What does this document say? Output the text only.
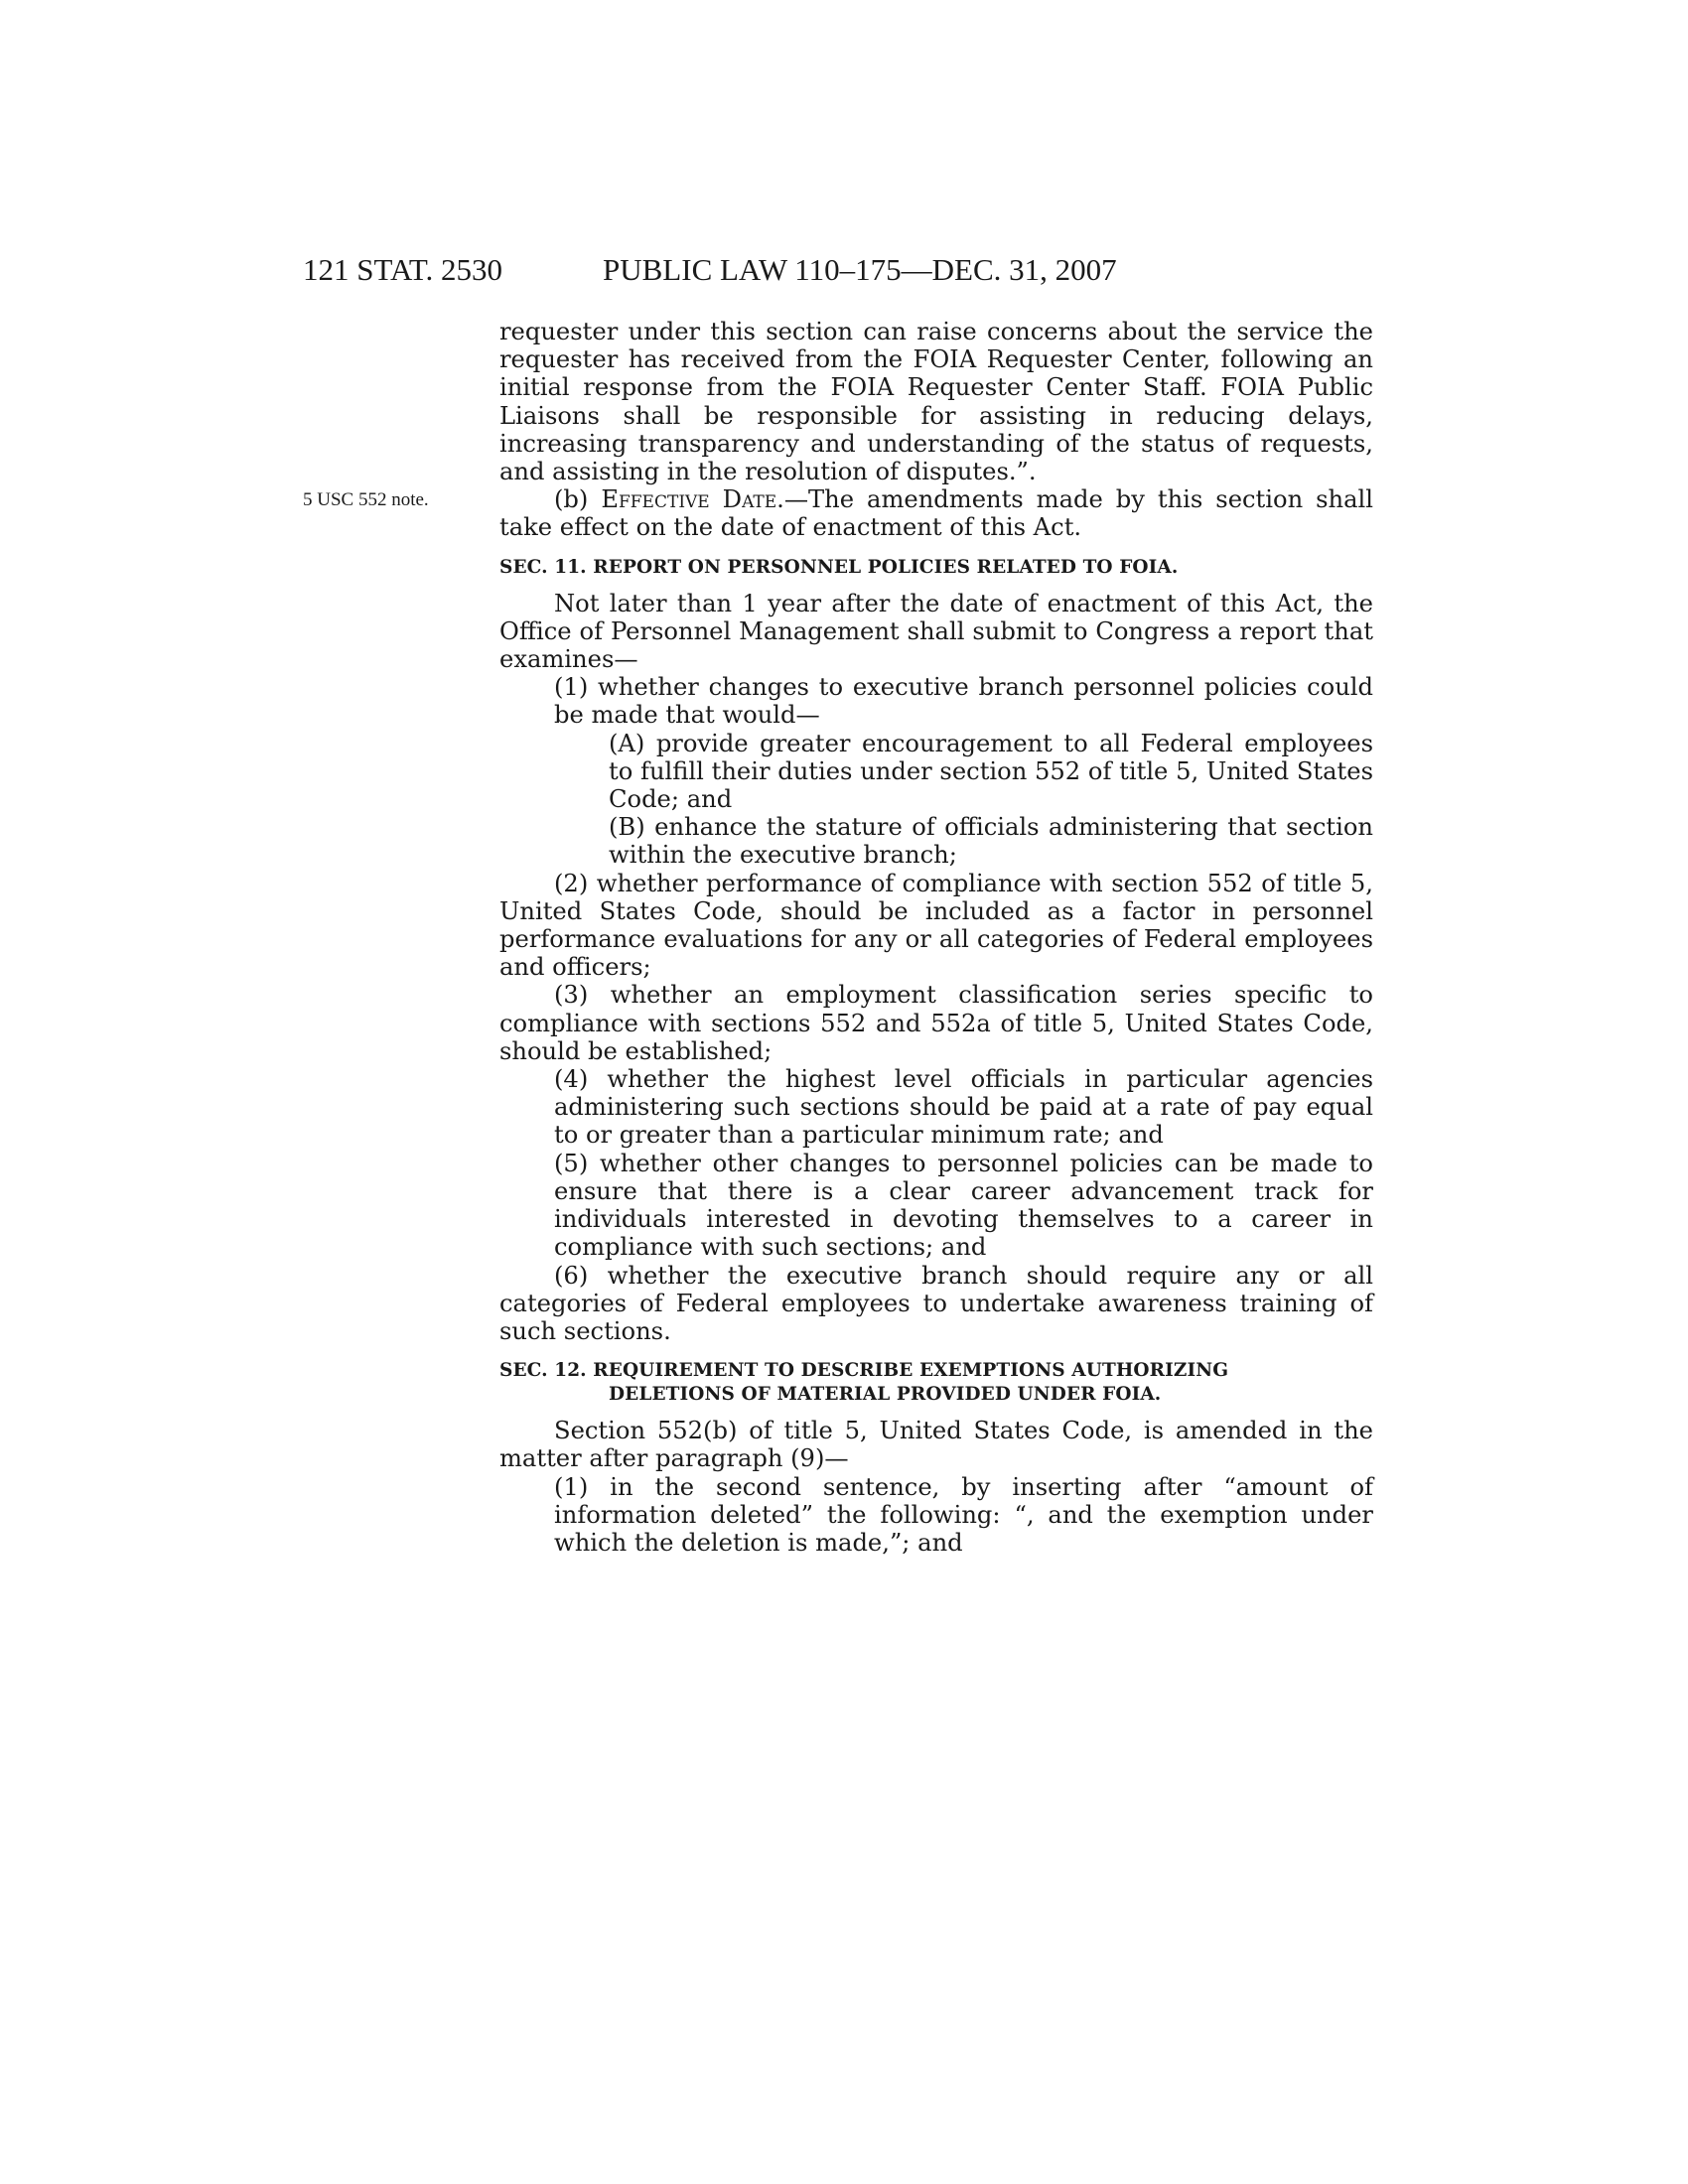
121 STAT. 2530	PUBLIC LAW 110–175—DEC. 31, 2007
5 USC 552 note.

requester under this section can raise concerns about the service the requester has received from the FOIA Requester Center, following an initial response from the FOIA Requester Center Staff. FOIA Public Liaisons shall be responsible for assisting in reducing delays, increasing transparency and understanding of the status of requests, and assisting in the resolution of disputes.”.

(b) Effective Date.—The amendments made by this section shall take effect on the date of enactment of this Act.

SEC. 11. REPORT ON PERSONNEL POLICIES RELATED TO FOIA.

Not later than 1 year after the date of enactment of this Act, the Office of Personnel Management shall submit to Congress a report that examines—

(1) whether changes to executive branch personnel policies could be made that would—

(A) provide greater encouragement to all Federal employees to fulfill their duties under section 552 of title 5, United States Code; and

(B) enhance the stature of officials administering that section within the executive branch;

(2) whether performance of compliance with section 552 of title 5, United States Code, should be included as a factor in personnel performance evaluations for any or all categories of Federal employees and officers;

(3) whether an employment classification series specific to compliance with sections 552 and 552a of title 5, United States Code, should be established;

(4) whether the highest level officials in particular agencies administering such sections should be paid at a rate of pay equal to or greater than a particular minimum rate; and

(5) whether other changes to personnel policies can be made to ensure that there is a clear career advancement track for individuals interested in devoting themselves to a career in compliance with such sections; and

(6) whether the executive branch should require any or all categories of Federal employees to undertake awareness training of such sections.

SEC. 12. REQUIREMENT TO DESCRIBE EXEMPTIONS AUTHORIZING
DELETIONS OF MATERIAL PROVIDED UNDER FOIA.

Section 552(b) of title 5, United States Code, is amended in the matter after paragraph (9)—

(1) in the second sentence, by inserting after “amount of information deleted” the following: “, and the exemption under which the deletion is made,”; and
